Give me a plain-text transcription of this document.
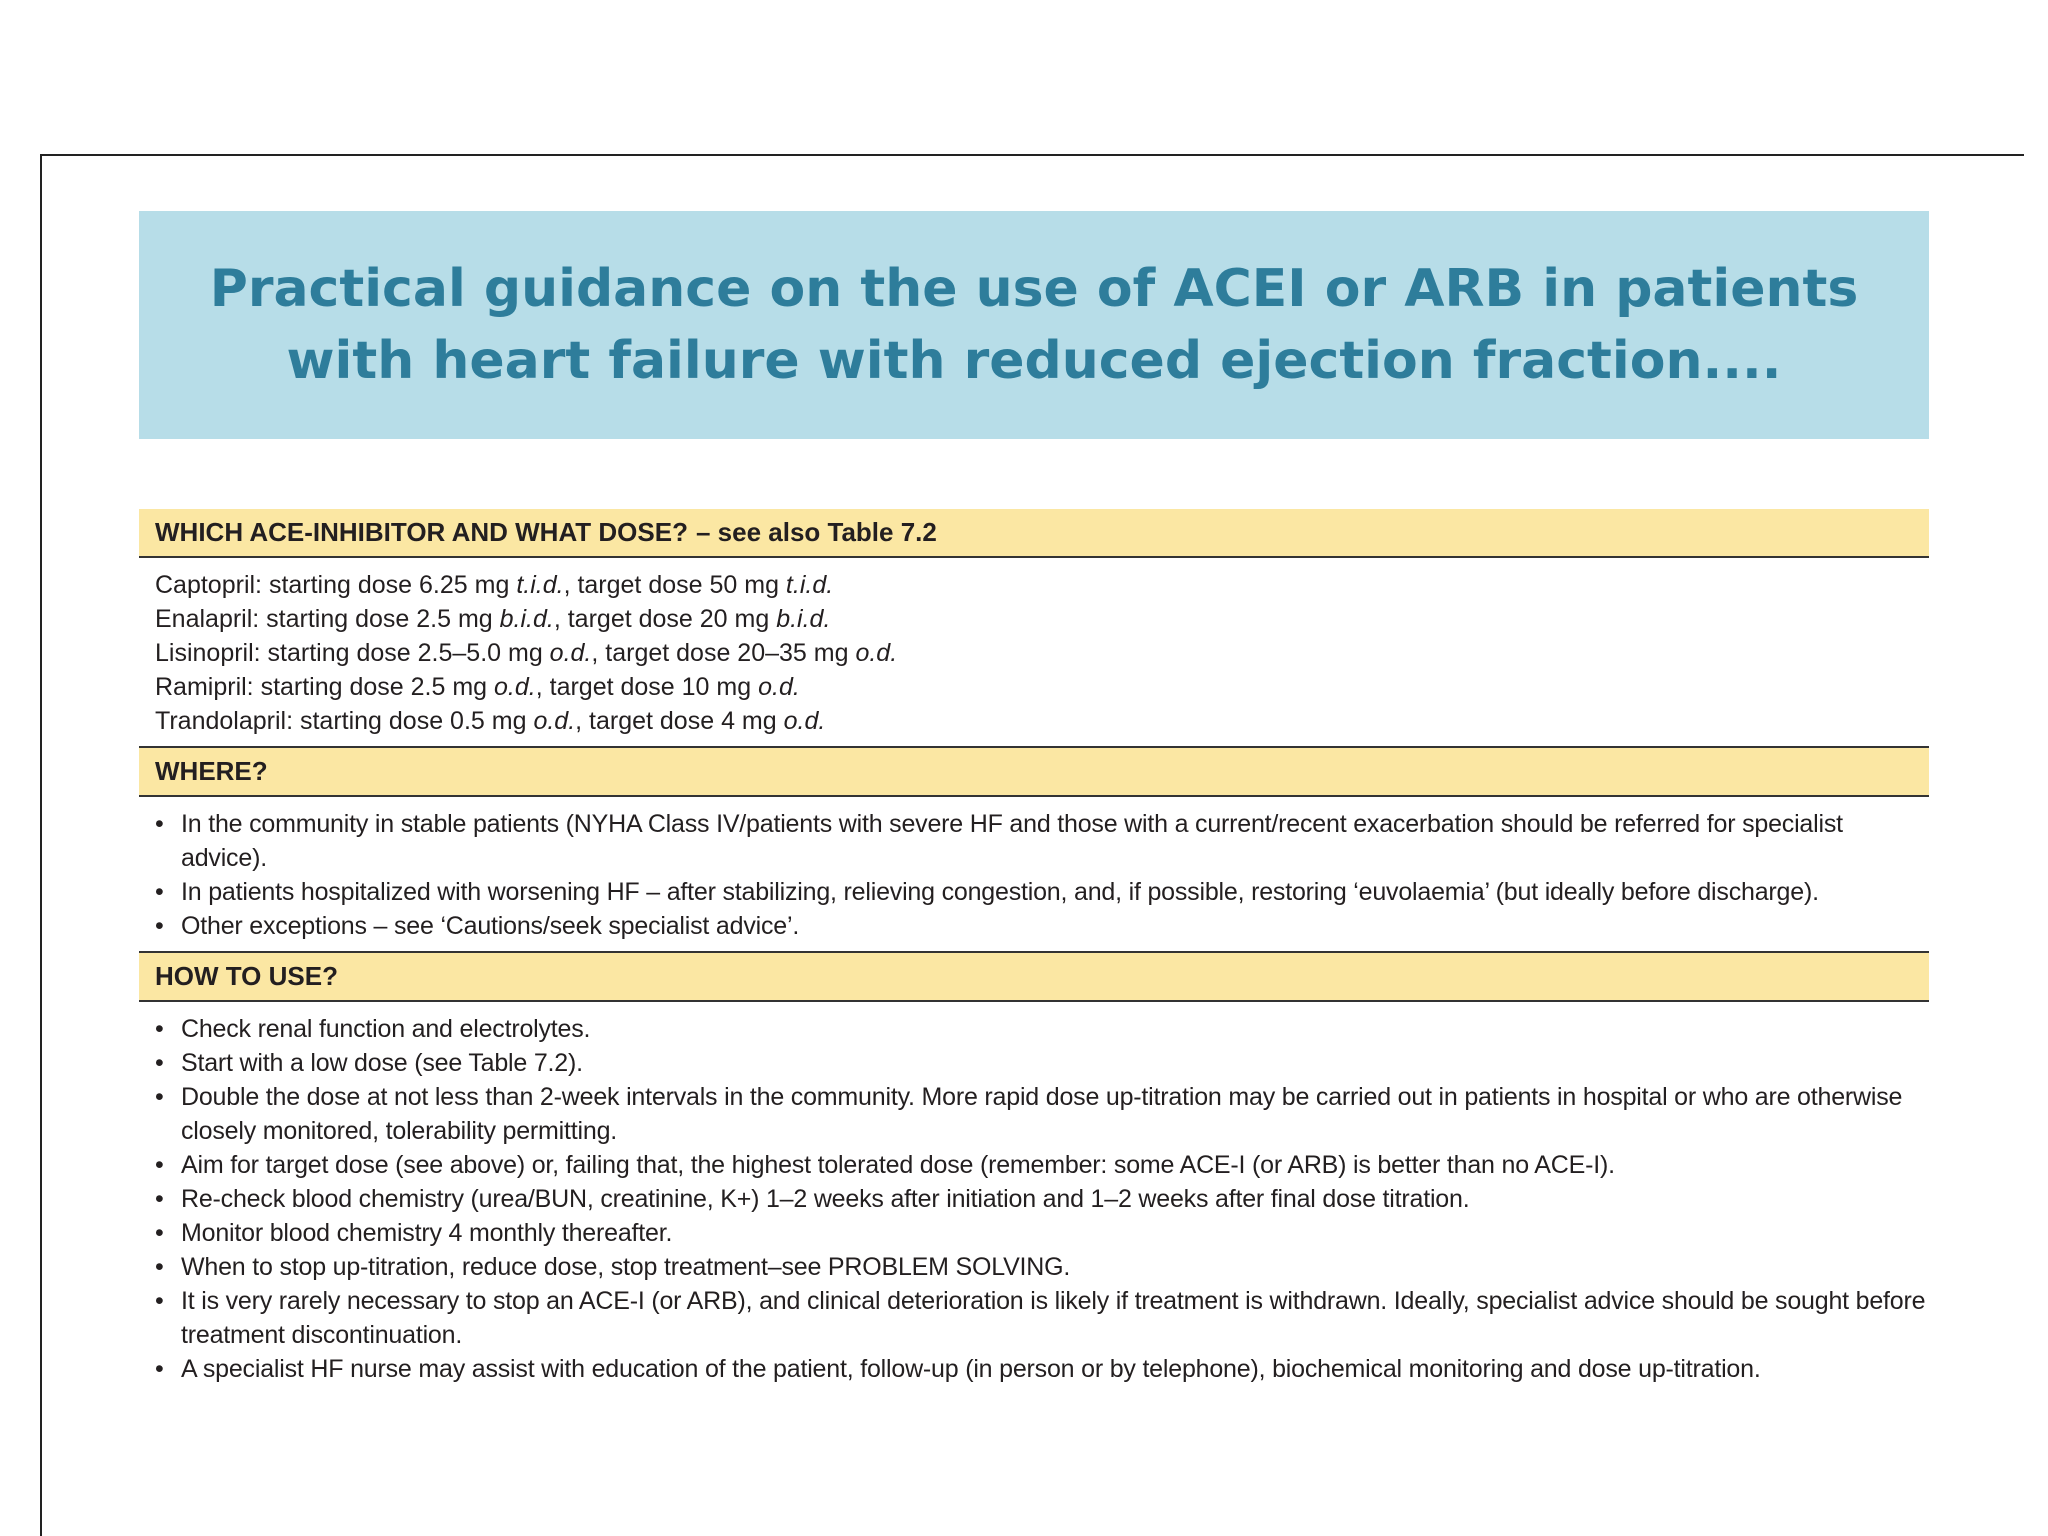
Practical guidance on the use of ACEI or ARB in patients with heart failure with reduced ejection fraction....
WHICH ACE-INHIBITOR AND WHAT DOSE? – see also Table 7.2
Captopril: starting dose 6.25 mg t.i.d., target dose 50 mg t.i.d.
Enalapril: starting dose 2.5 mg b.i.d., target dose 20 mg b.i.d.
Lisinopril: starting dose 2.5–5.0 mg o.d., target dose 20–35 mg o.d.
Ramipril: starting dose 2.5 mg o.d., target dose 10 mg o.d.
Trandolapril: starting dose 0.5 mg o.d., target dose 4 mg o.d.
WHERE?
• In the community in stable patients (NYHA Class IV/patients with severe HF and those with a current/recent exacerbation should be referred for specialist advice).
• In patients hospitalized with worsening HF – after stabilizing, relieving congestion, and, if possible, restoring ‘euvolaemia’ (but ideally before discharge).
• Other exceptions – see ‘Cautions/seek specialist advice’.
HOW TO USE?
• Check renal function and electrolytes.
• Start with a low dose (see Table 7.2).
• Double the dose at not less than 2-week intervals in the community. More rapid dose up-titration may be carried out in patients in hospital or who are otherwise closely monitored, tolerability permitting.
• Aim for target dose (see above) or, failing that, the highest tolerated dose (remember: some ACE-I (or ARB) is better than no ACE-I).
• Re-check blood chemistry (urea/BUN, creatinine, K+) 1–2 weeks after initiation and 1–2 weeks after final dose titration.
• Monitor blood chemistry 4 monthly thereafter.
• When to stop up-titration, reduce dose, stop treatment–see PROBLEM SOLVING.
• It is very rarely necessary to stop an ACE-I (or ARB), and clinical deterioration is likely if treatment is withdrawn. Ideally, specialist advice should be sought before treatment discontinuation.
• A specialist HF nurse may assist with education of the patient, follow-up (in person or by telephone), biochemical monitoring and dose up-titration.
